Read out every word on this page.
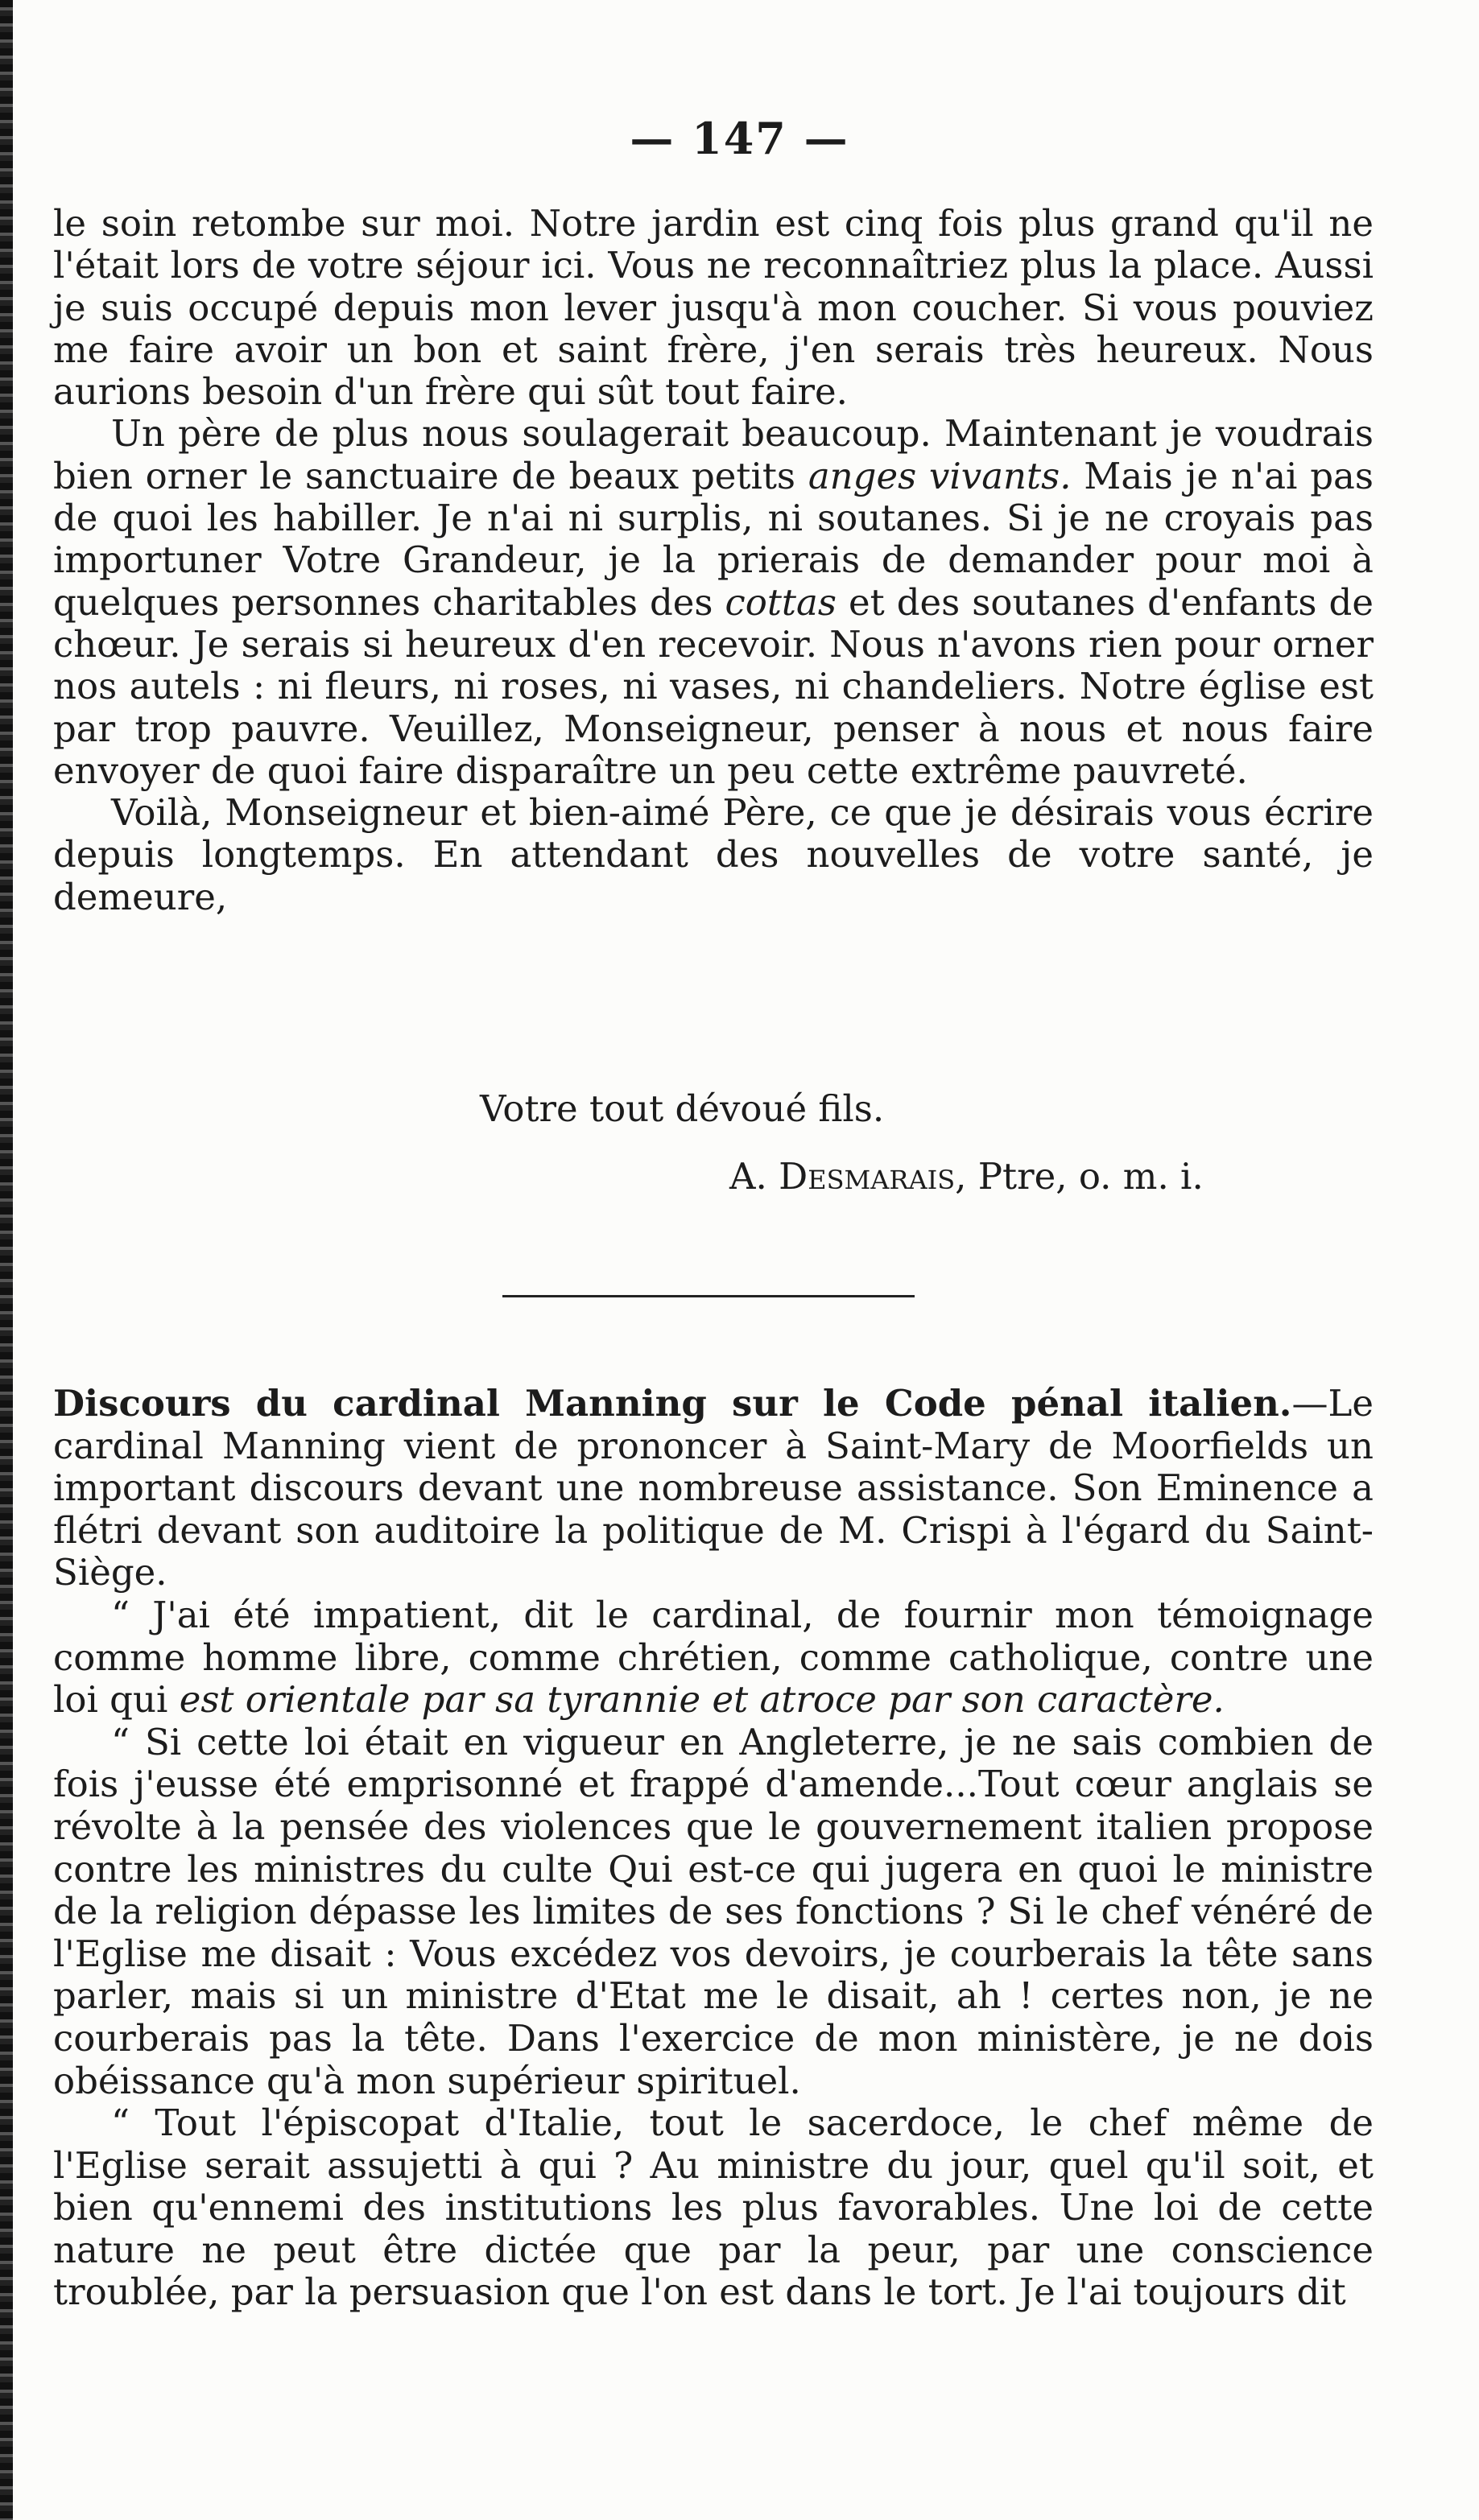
— 147 —

le soin retombe sur moi. Notre jardin est cinq fois plus grand qu'il ne l'était lors de votre séjour ici. Vous ne reconnaîtriez plus la place. Aussi je suis occupé depuis mon lever jusqu'à mon coucher. Si vous pouviez me faire avoir un bon et saint frère, j'en serais très heureux. Nous aurions besoin d'un frère qui sût tout faire.

Un père de plus nous soulagerait beaucoup. Maintenant je voudrais bien orner le sanctuaire de beaux petits anges vivants. Mais je n'ai pas de quoi les habiller. Je n'ai ni surplis, ni soutanes. Si je ne croyais pas importuner Votre Grandeur, je la prierais de demander pour moi à quelques personnes charitables des cottas et des soutanes d'enfants de chœur. Je serais si heureux d'en recevoir. Nous n'avons rien pour orner nos autels : ni fleurs, ni roses, ni vases, ni chandeliers. Notre église est par trop pauvre. Veuillez, Monseigneur, penser à nous et nous faire envoyer de quoi faire disparaître un peu cette extrême pauvreté.

Voilà, Monseigneur et bien-aimé Père, ce que je désirais vous écrire depuis longtemps. En attendant des nouvelles de votre santé, je demeure,

Votre tout dévoué fils.
A. Desmarais, Ptre, o. m. i.

Discours du cardinal Manning sur le Code pénal italien.—Le cardinal Manning vient de prononcer à Saint-Mary de Moorfields un important discours devant une nombreuse assistance. Son Eminence a flétri devant son auditoire la politique de M. Crispi à l'égard du Saint-Siège.

“ J'ai été impatient, dit le cardinal, de fournir mon témoignage comme homme libre, comme chrétien, comme catholique, contre une loi qui est orientale par sa tyrannie et atroce par son caractère.

“ Si cette loi était en vigueur en Angleterre, je ne sais combien de fois j'eusse été emprisonné et frappé d'amende...Tout cœur anglais se révolte à la pensée des violences que le gouvernement italien propose contre les ministres du culte Qui est-ce qui jugera en quoi le ministre de la religion dépasse les limites de ses fonctions ? Si le chef vénéré de l'Eglise me disait : Vous excédez vos devoirs, je courberais la tête sans parler, mais si un ministre d'Etat me le disait, ah ! certes non, je ne courberais pas la tête. Dans l'exercice de mon ministère, je ne dois obéissance qu'à mon supérieur spirituel.

“ Tout l'épiscopat d'Italie, tout le sacerdoce, le chef même de l'Eglise serait assujetti à qui ? Au ministre du jour, quel qu'il soit, et bien qu'ennemi des institutions les plus favorables. Une loi de cette nature ne peut être dictée que par la peur, par une conscience troublée, par la persuasion que l'on est dans le tort. Je l'ai toujours dit
